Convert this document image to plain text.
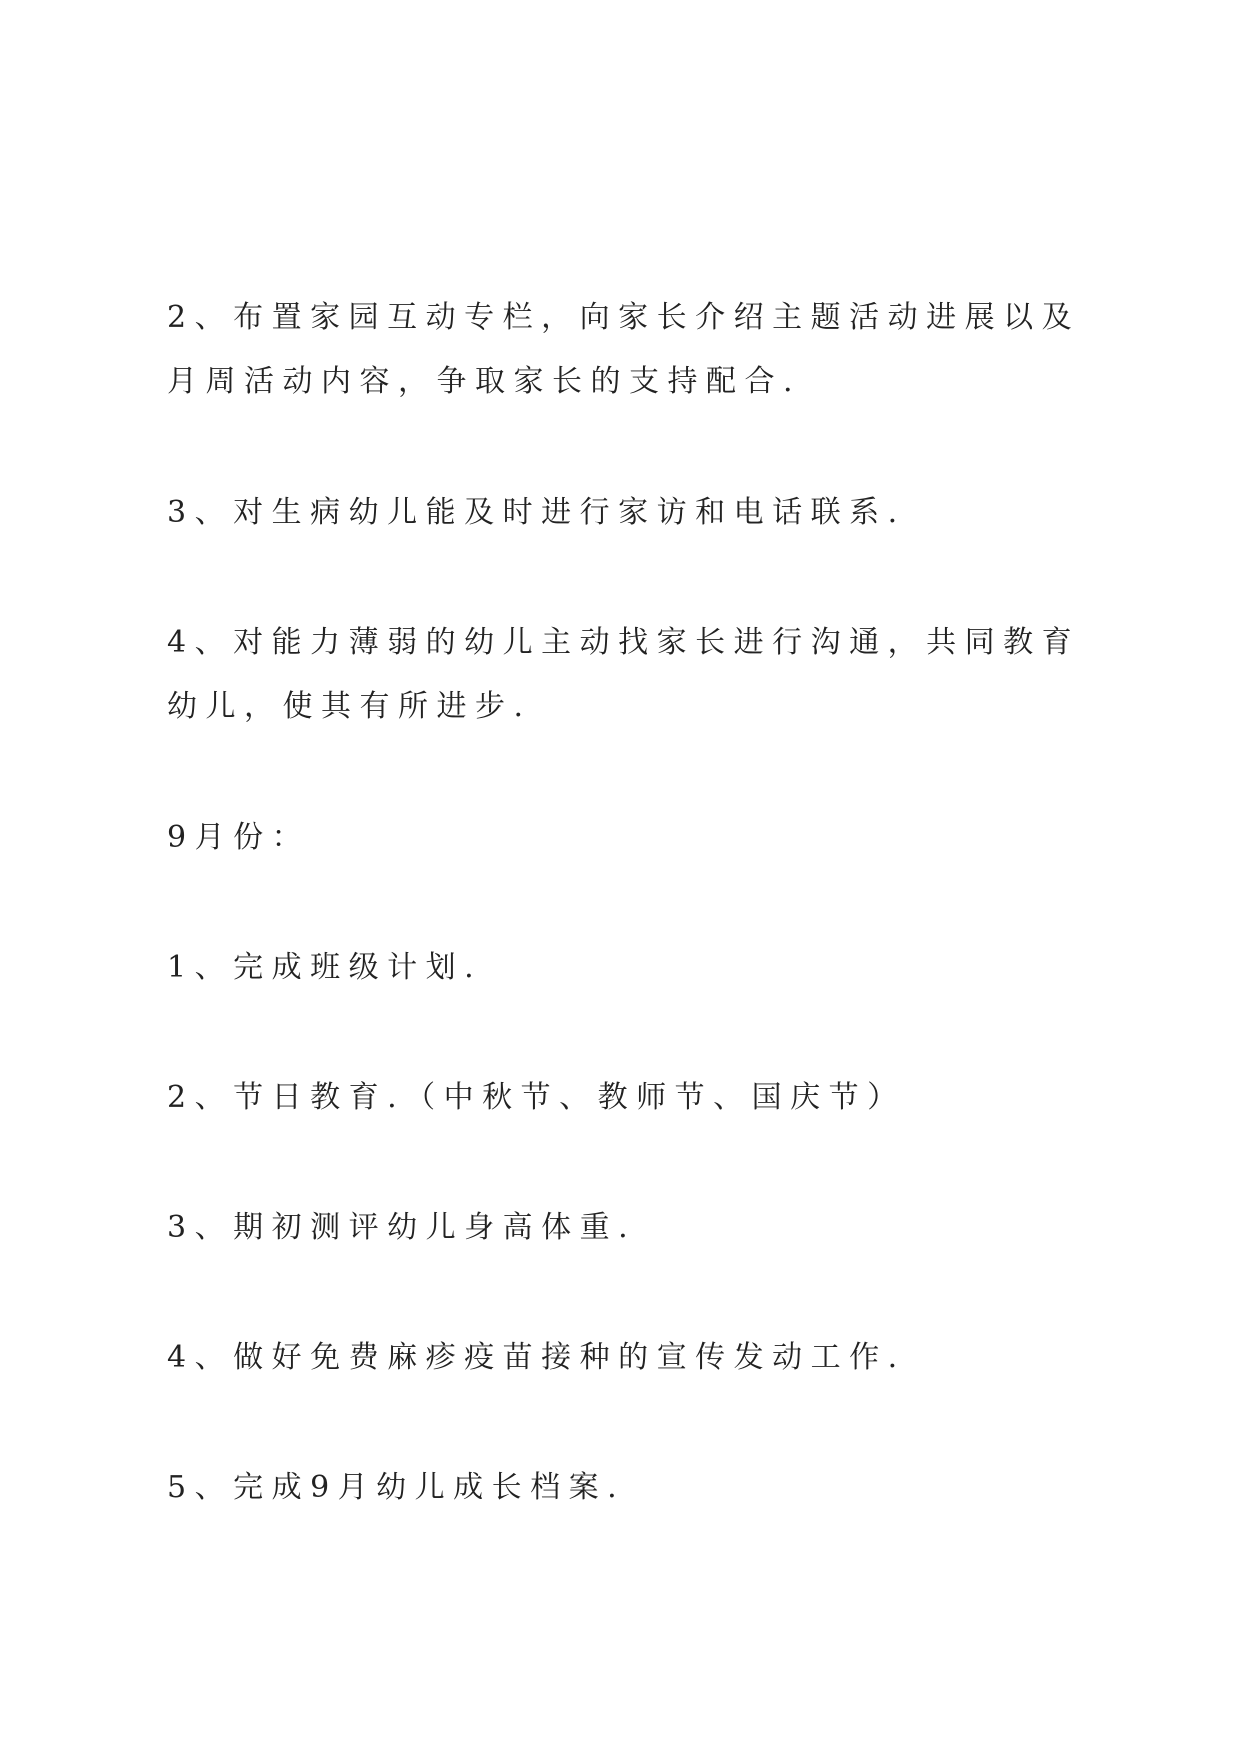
2、布置家园互动专栏，向家长介绍主题活动进展以及月周活动内容，争取家长的支持配合.

3、对生病幼儿能及时进行家访和电话联系.

4、对能力薄弱的幼儿主动找家长进行沟通，共同教育幼儿，使其有所进步.

9月份：

1、完成班级计划.

2、节日教育.（中秋节、教师节、国庆节）

3、期初测评幼儿身高体重.

4、做好免费麻疹疫苗接种的宣传发动工作.

5、完成9月幼儿成长档案.
